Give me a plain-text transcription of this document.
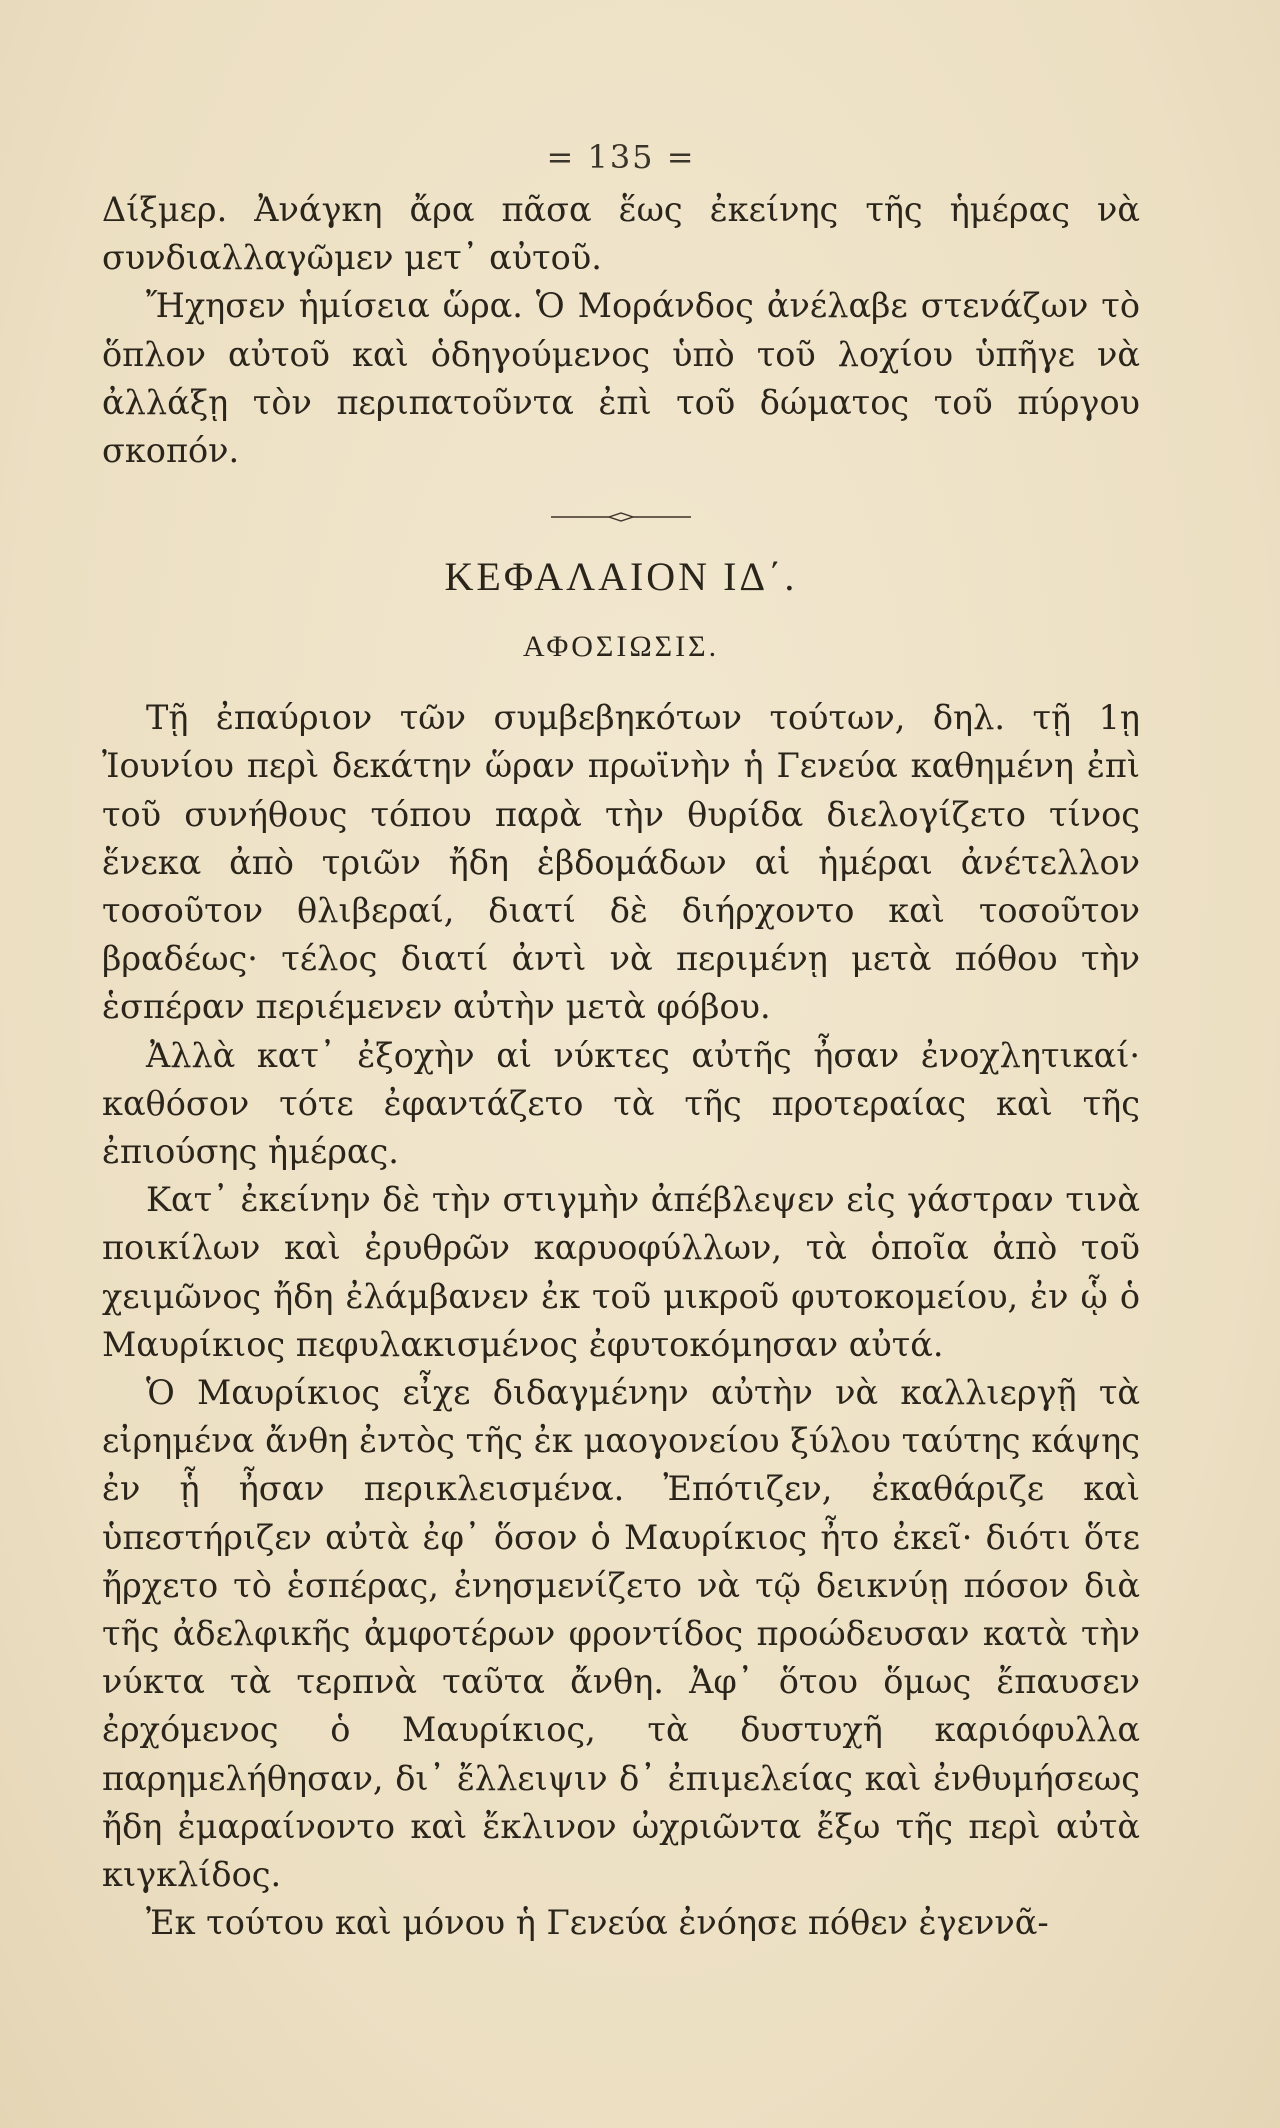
= 135 =

Δίξμερ. Ἀνάγκη ἄρα πᾶσα ἕως ἐκείνης τῆς ἡμέρας νὰ συνδιαλλαγῶμεν μετ᾽ αὐτοῦ.

Ἤχησεν ἡμίσεια ὥρα. Ὁ Μοράνδος ἀνέλαβε στενάζων τὸ ὅπλον αὐτοῦ καὶ ὁδηγούμενος ὑπὸ τοῦ λοχίου ὑπῆγε νὰ ἀλλάξῃ τὸν περιπατοῦντα ἐπὶ τοῦ δώματος τοῦ πύργου σκοπόν.

ΚΕΦΑΛΑΙΟΝ ΙΔ΄.
ΑΦΟΣΙΩΣΙΣ.

Τῇ ἐπαύριον τῶν συμβεβηκότων τούτων, δηλ. τῇ 1ῃ Ἰουνίου περὶ δεκάτην ὥραν πρωϊνὴν ἡ Γενεύα καθημένη ἐπὶ τοῦ συνήθους τόπου παρὰ τὴν θυρίδα διελογίζετο τίνος ἕνεκα ἀπὸ τριῶν ἤδη ἑβδομάδων αἱ ἡμέραι ἀνέτελλον τοσοῦτον θλιβεραί, διατί δὲ διήρχοντο καὶ τοσοῦτον βραδέως· τέλος διατί ἀντὶ νὰ περιμένῃ μετὰ πόθου τὴν ἑσπέραν περιέμενεν αὐτὴν μετὰ φόβου.

Ἀλλὰ κατ᾽ ἐξοχὴν αἱ νύκτες αὐτῆς ἦσαν ἐνοχλητικαί· καθόσον τότε ἐφαντάζετο τὰ τῆς προτεραίας καὶ τῆς ἐπιούσης ἡμέρας.

Κατ᾽ ἐκείνην δὲ τὴν στιγμὴν ἀπέβλεψεν εἰς γάστραν τινὰ ποικίλων καὶ ἐρυθρῶν καρυοφύλλων, τὰ ὁποῖα ἀπὸ τοῦ χειμῶνος ἤδη ἐλάμβανεν ἐκ τοῦ μικροῦ φυτοκομείου, ἐν ᾧ ὁ Μαυρίκιος πεφυλακισμένος ἐφυτοκόμησαν αὐτά.

Ὁ Μαυρίκιος εἶχε διδαγμένην αὐτὴν νὰ καλλιεργῇ τὰ εἰρημένα ἄνθη ἐντὸς τῆς ἐκ μαογονείου ξύλου ταύτης κάψης ἐν ᾗ ἦσαν περικλεισμένα. Ἐπότιζεν, ἐκαθάριζε καὶ ὑπεστήριζεν αὐτὰ ἐφ᾽ ὅσον ὁ Μαυρίκιος ἦτο ἐκεῖ· διότι ὅτε ἤρχετο τὸ ἑσπέρας, ἐνησμενίζετο νὰ τῷ δεικνύῃ πόσον διὰ τῆς ἀδελφικῆς ἀμφοτέρων φροντίδος προώδευσαν κατὰ τὴν νύκτα τὰ τερπνὰ ταῦτα ἄνθη. Ἀφ᾽ ὅτου ὅμως ἔπαυσεν ἐρχόμενος ὁ Μαυρίκιος, τὰ δυστυχῆ καριόφυλλα παρημελήθησαν, δι᾽ ἔλλειψιν δ᾽ ἐπιμελείας καὶ ἐνθυμήσεως ἤδη ἐμαραίνοντο καὶ ἔκλινον ὠχριῶντα ἔξω τῆς περὶ αὐτὰ κιγκλίδος.

Ἐκ τούτου καὶ μόνου ἡ Γενεύα ἐνόησε πόθεν ἐγεννᾶ-
